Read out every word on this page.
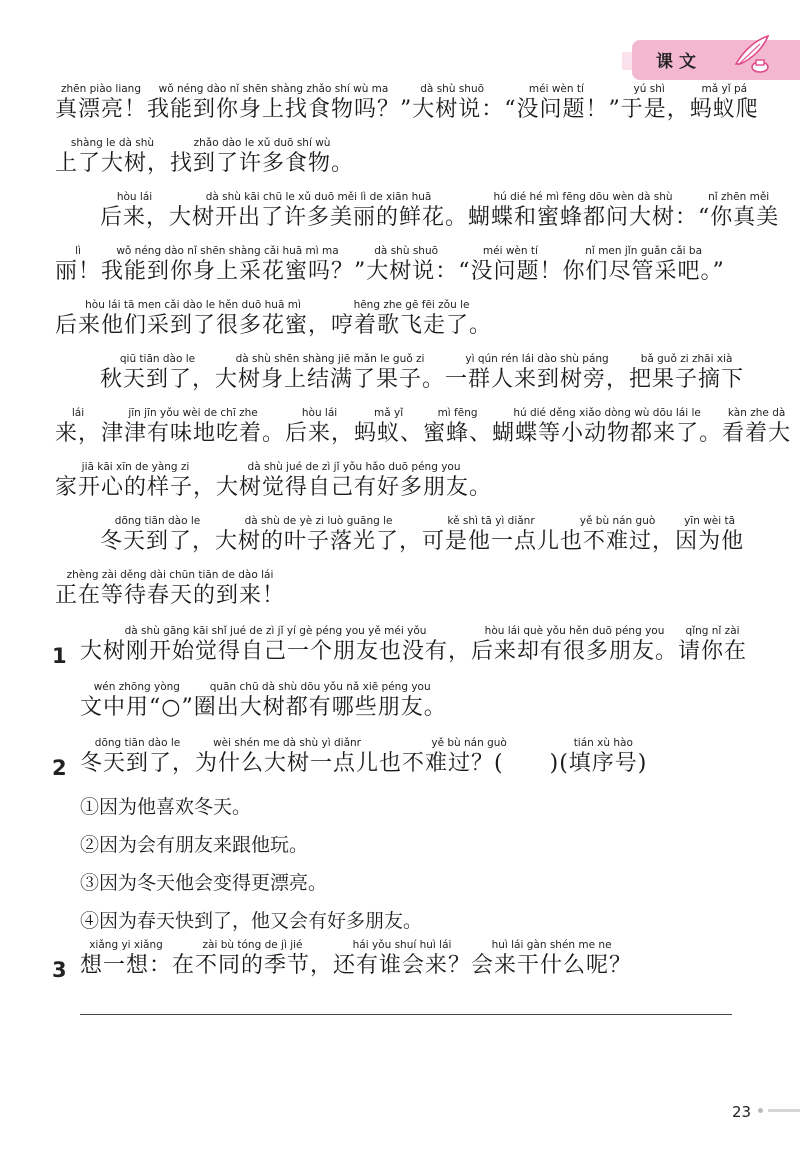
课文
zhēn piào liang
真漂亮！
wǒ néng dào nǐ shēn shàng zhǎo shí wù ma
我能到你身上找食物吗？
dà shù shuō
”大树说：
méi wèn tí
“没问题！
yú shì
”于是，
mǎ yǐ pá
蚂蚁爬
shàng le dà shù
上了大树，
zhǎo dào le xǔ duō shí wù
找到了许多食物。
hòu lái
后来，
dà shù kāi chū le xǔ duō měi lì de xiān huā
大树开出了许多美丽的鲜花。
hú dié hé mì fēng dōu wèn dà shù
蝴蝶和蜜蜂都问大树：
nǐ zhēn měi
“你真美
lì
丽！
wǒ néng dào nǐ shēn shàng cǎi huā mì ma
我能到你身上采花蜜吗？
dà shù shuō
”大树说：
méi wèn tí
“没问题！
nǐ men jǐn guǎn cǎi ba
你们尽管采吧。”
hòu lái tā men cǎi dào le hěn duō huā mì
后来他们采到了很多花蜜，
hēng zhe gē fēi zǒu le
哼着歌飞走了。
qiū tiān dào le
秋天到了，
dà shù shēn shàng jiē mǎn le guǒ zi
大树身上结满了果子。
yì qún rén lái dào shù páng
一群人来到树旁，
bǎ guǒ zi zhāi xià
把果子摘下
lái
来，
jīn jīn yǒu wèi de chī zhe
津津有味地吃着。
hòu lái
后来，
mǎ yǐ
蚂蚁、
mì fēng
蜜蜂、
hú dié děng xiǎo dòng wù dōu lái le
蝴蝶等小动物都来了。
kàn zhe dà
看着大
jiā kāi xīn de yàng zi
家开心的样子，
dà shù jué de zì jǐ yǒu hǎo duō péng you
大树觉得自己有好多朋友。
dōng tiān dào le
冬天到了，
dà shù de yè zi luò guāng le
大树的叶子落光了，
kě shì tā yì diǎnr
可是他一点儿
yě bù nán guò
也不难过，
yīn wèi tā
因为他
zhèng zài děng dài chūn tiān de dào lái
正在等待春天的到来！
1
dà shù gāng kāi shǐ jué de zì jǐ yí gè péng you yě méi yǒu
大树刚开始觉得自己一个朋友也没有，
hòu lái què yǒu hěn duō péng you
后来却有很多朋友。
qǐng nǐ zài
请你在
wén zhōng yòng
文中用“○”
quān chū dà shù dōu yǒu nǎ xiē péng you
圈出大树都有哪些朋友。
2
dōng tiān dào le
冬天到了，
wèi shén me dà shù yì diǎnr
为什么大树一点儿
yě bù nán guò
也不难过？(　　)
tián xù hào
(填序号)
①因为他喜欢冬天。
②因为会有朋友来跟他玩。
③因为冬天他会变得更漂亮。
④因为春天快到了，他又会有好多朋友。
3
xiǎng yi xiǎng
想一想：
zài bù tóng de jì jié
在不同的季节，
hái yǒu shuí huì lái
还有谁会来？
huì lái gàn shén me ne
会来干什么呢？
23
